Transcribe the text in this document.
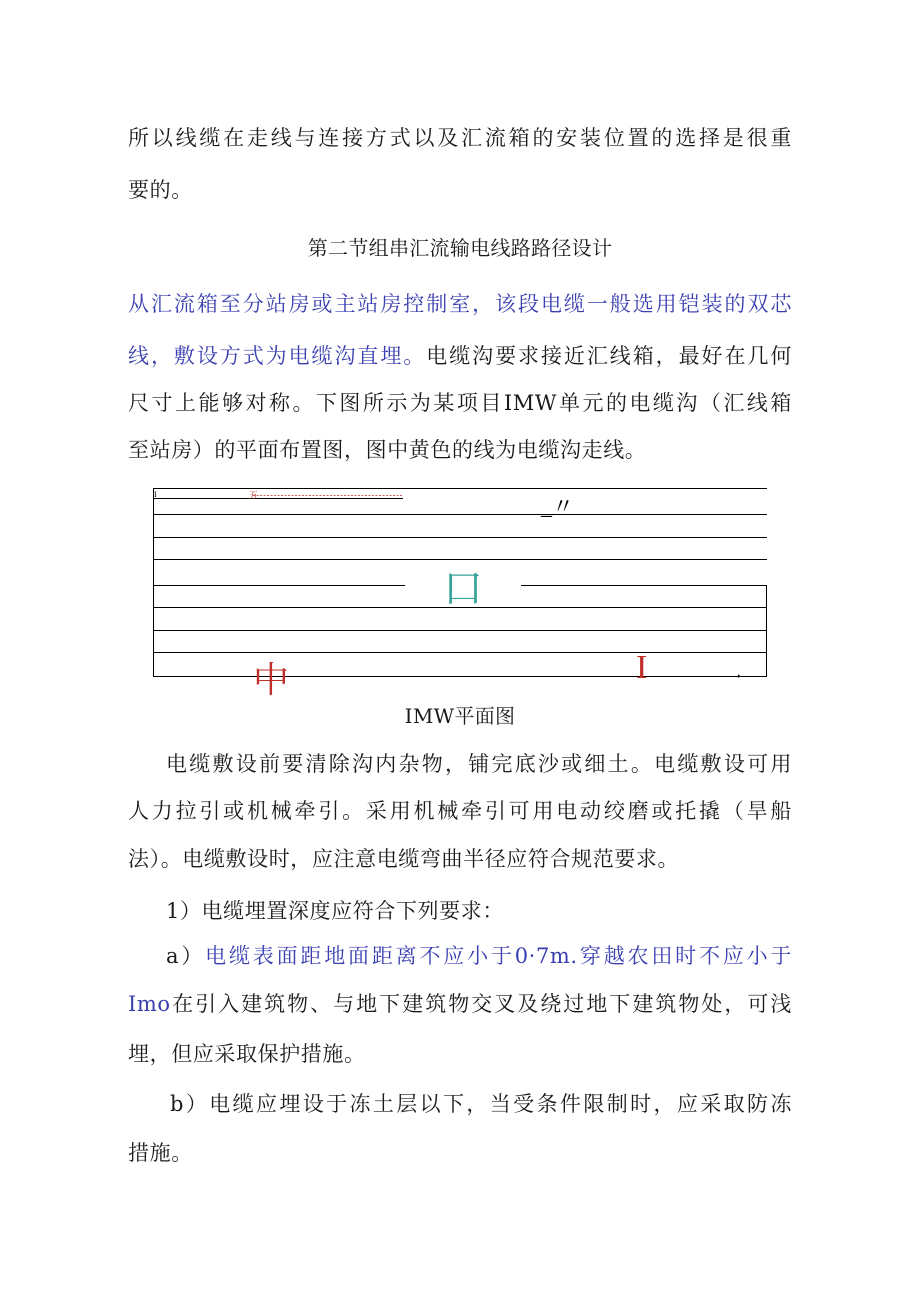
所以线缆在走线与连接方式以及汇流箱的安装位置的选择是很重

要的。

第二节组串汇流输电线路路径设计

从汇流箱至分站房或主站房控制室，该段电缆一般选用铠装的双芯

线，敷设方式为电缆沟直埋。电缆沟要求接近汇线箱，最好在几何

尺寸上能够对称。下图所示为某项目IMW单元的电缆沟（汇线箱

至站房）的平面布置图，图中黄色的线为电缆沟走线。

I	五	_〃
口
中	I	,

IMW平面图

电缆敷设前要清除沟内杂物，铺完底沙或细土。电缆敷设可用

人力拉引或机械牵引。采用机械牵引可用电动绞磨或托撬（旱船

法）。电缆敷设时，应注意电缆弯曲半径应符合规范要求。

1）电缆埋置深度应符合下列要求：

a）电缆表面距地面距离不应小于0·7m.穿越农田时不应小于

Imo在引入建筑物、与地下建筑物交叉及绕过地下建筑物处，可浅

埋，但应采取保护措施。

b）电缆应埋设于冻土层以下，当受条件限制时，应采取防冻

措施。
